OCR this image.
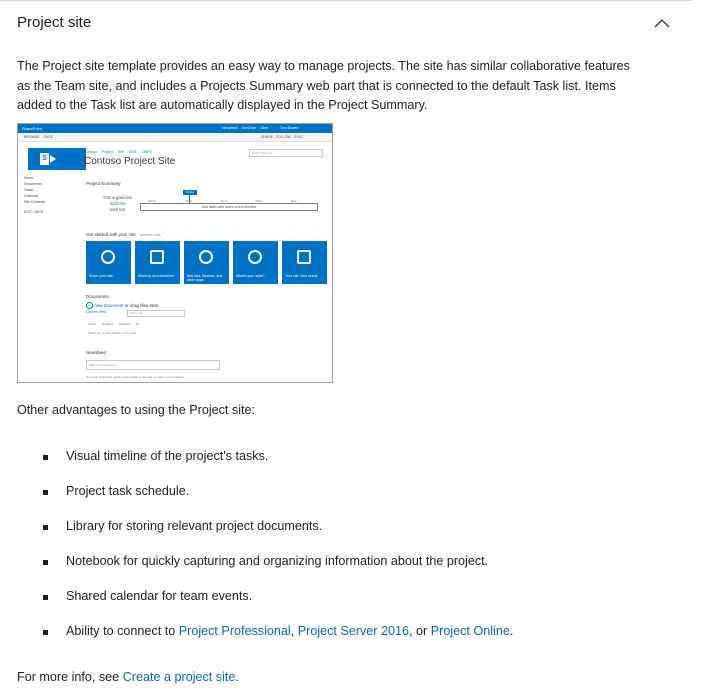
Project site

The Project site template provides an easy way to manage projects. The site has similar collaborative features as the Team site, and includes a Projects Summary web part that is connected to the default Task list. Items added to the Task list are automatically displayed in the Project Summary.

SharePoint	Newsfeed OneDrive Sites	Tom Bowen
BROWSE PAGE	SHARE FOLLOW SYNC
S
Contoso Project Site EDIT LINKS
Contoso Project Site
Search this site
Home
Documents
Tasks
Calendar
Site Contents
EDIT LINKS
Project Summary
Get organized.
Edit the
task list.
Today
March 2014 April 2014 May
Add tasks with dates to the timeline
Get started with your site REMOVE THIS
Share your site.	Working on a deadline?	Add lists, libraries, and other apps.
What's your style?	Your site. Your brand.
Documents
+ new document or drag files here
Current View	Find a file
Name Modified Modified By
There are no documents in this view.
Newsfeed
Start a conversation
It's pretty quiet here. Invite more people to the site, or start a conversation.
Other advantages to using the Project site:
Visual timeline of the project's tasks.
Project task schedule.
Library for storing relevant project documents.
Notebook for quickly capturing and organizing information about the project.
Shared calendar for team events.
Ability to connect to Project Professional, Project Server 2016, or Project Online.
For more info, see Create a project site.
